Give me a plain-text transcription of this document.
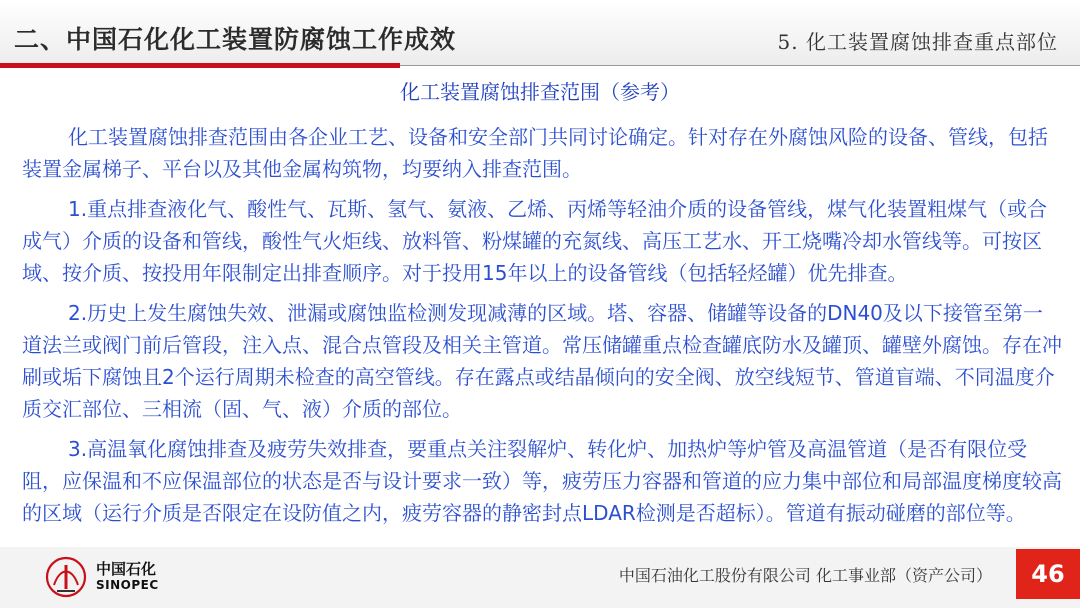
二、中国石化化工装置防腐蚀工作成效	5. 化工装置腐蚀排查重点部位
化工装置腐蚀排查范围（参考）

化工装置腐蚀排查范围由各企业工艺、设备和安全部门共同讨论确定。针对存在外腐蚀风险的设备、管线，包括装置金属梯子、平台以及其他金属构筑物，均要纳入排查范围。

1.重点排查液化气、酸性气、瓦斯、氢气、氨液、乙烯、丙烯等轻油介质的设备管线，煤气化装置粗煤气（或合成气）介质的设备和管线，酸性气火炬线、放料管、粉煤罐的充氮线、高压工艺水、开工烧嘴冷却水管线等。可按区域、按介质、按投用年限制定出排查顺序。对于投用15年以上的设备管线（包括轻烃罐）优先排查。

2.历史上发生腐蚀失效、泄漏或腐蚀监检测发现减薄的区域。塔、容器、储罐等设备的DN40及以下接管至第一道法兰或阀门前后管段，注入点、混合点管段及相关主管道。常压储罐重点检查罐底防水及罐顶、罐壁外腐蚀。存在冲刷或垢下腐蚀且2个运行周期未检查的高空管线。存在露点或结晶倾向的安全阀、放空线短节、管道盲端、不同温度介质交汇部位、三相流（固、气、液）介质的部位。

3.高温氧化腐蚀排查及疲劳失效排查，要重点关注裂解炉、转化炉、加热炉等炉管及高温管道（是否有限位受阻，应保温和不应保温部位的状态是否与设计要求一致）等，疲劳压力容器和管道的应力集中部位和局部温度梯度较高的区域（运行介质是否限定在设防值之内，疲劳容器的静密封点LDAR检测是否超标）。管道有振动碰磨的部位等。

中国石化
SINOPEC	中国石油化工股份有限公司 化工事业部（资产公司）	46
